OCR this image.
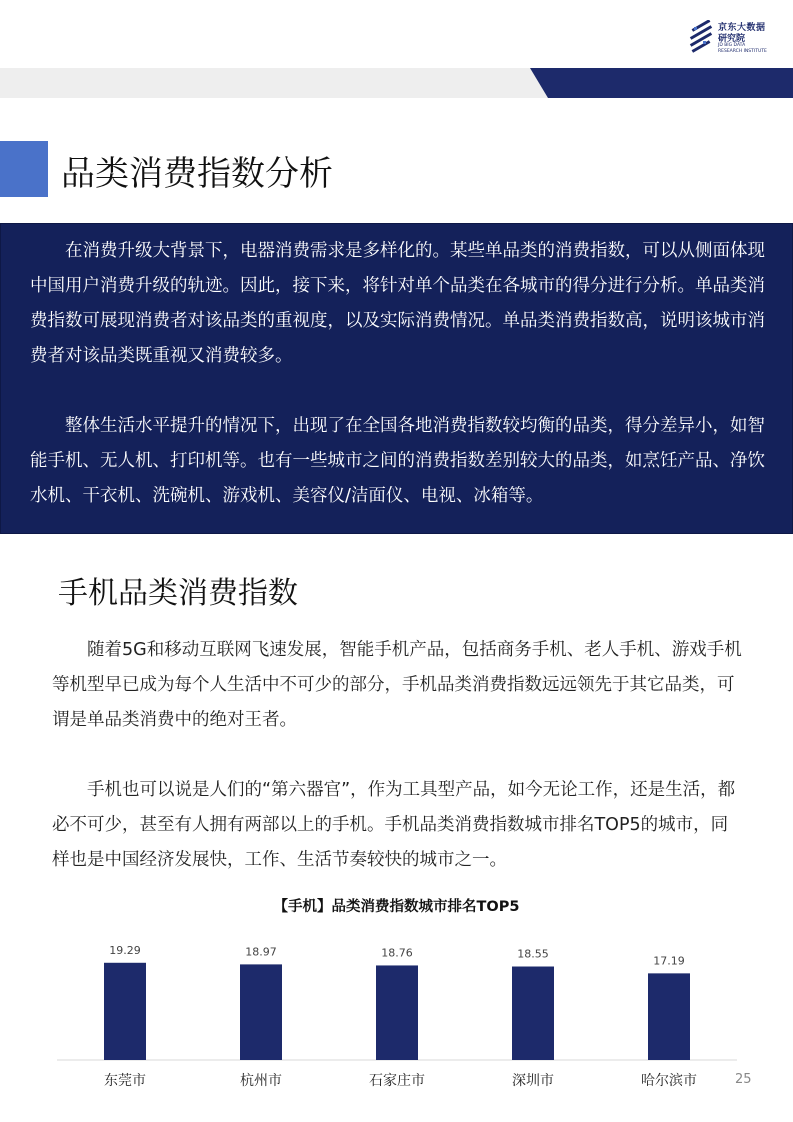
京东大数据
研究院
JD BIG DATA
RESEARCH INSTITUTE
品类消费指数分析

　　在消费升级大背景下，电器消费需求是多样化的。某些单品类的消费指数，可以从侧面体现中国用户消费升级的轨迹。因此，接下来，将针对单个品类在各城市的得分进行分析。单品类消费指数可展现消费者对该品类的重视度，以及实际消费情况。单品类消费指数高，说明该城市消费者对该品类既重视又消费较多。

　　整体生活水平提升的情况下，出现了在全国各地消费指数较均衡的品类，得分差异小，如智能手机、无人机、打印机等。也有一些城市之间的消费指数差别较大的品类，如烹饪产品、净饮水机、干衣机、洗碗机、游戏机、美容仪/洁面仪、电视、冰箱等。

手机品类消费指数

　　随着5G和移动互联网飞速发展，智能手机产品，包括商务手机、老人手机、游戏手机等机型早已成为每个人生活中不可少的部分，手机品类消费指数远远领先于其它品类，可谓是单品类消费中的绝对王者。

　　手机也可以说是人们的“第六器官”，作为工具型产品，如今无论工作，还是生活，都必不可少，甚至有人拥有两部以上的手机。手机品类消费指数城市排名TOP5的城市，同样也是中国经济发展快，工作、生活节奏较快的城市之一。

【手机】品类消费指数城市排名TOP5
19.29
东莞市
18.97
杭州市
18.76
石家庄市
18.55
深圳市
17.19
哈尔滨市	25
